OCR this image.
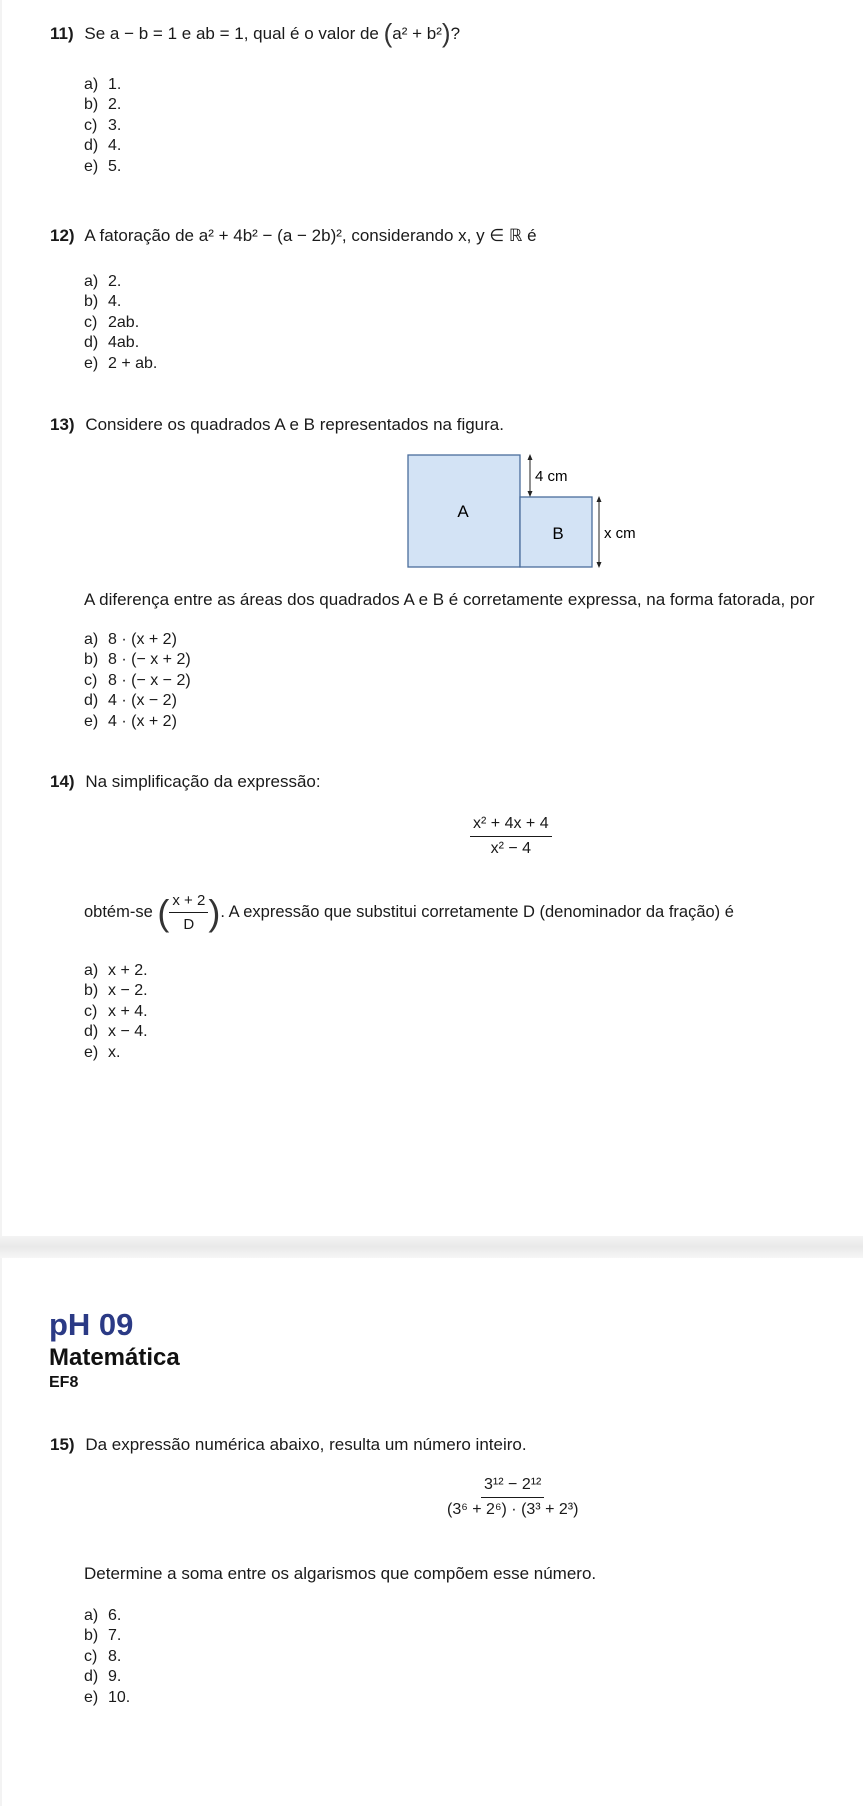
11) Se a − b = 1 e ab = 1, qual é o valor de (a² + b²)?
a) 1.
b) 2.
c) 3.
d) 4.
e) 5.
12) A fatoração de a² + 4b² − (a − 2b)², considerando x, y ∈ ℝ é
a) 2.
b) 4.
c) 2ab.
d) 4ab.
e) 2 + ab.
13) Considere os quadrados A e B representados na figura.
A
B
4 cm
x cm
A diferença entre as áreas dos quadrados A e B é corretamente expressa, na forma fatorada, por
a) 8 · (x + 2)
b) 8 · (− x + 2)
c) 8 · (− x − 2)
d) 4 · (x − 2)
e) 4 · (x + 2)
14) Na simplificação da expressão:
$\frac{\text{x² + 4x + 4}}{\text{x² − 4}}$
obtém-se ( $\frac{x + 2}{D}$ ). A expressão que substitui corretamente D (denominador da fração) é
a) x + 2.
b) x − 2.
c) x + 4.
d) x − 4.
e) x.
pH 09
Matemática
EF8
15) Da expressão numérica abaixo, resulta um número inteiro.
$\frac{\text{3¹² − 2¹²}}{\text{(3⁶ + 2⁶) · (3³ + 2³)}}$
Determine a soma entre os algarismos que compõem esse número.
a) 6.
b) 7.
c) 8.
d) 9.
e) 10.
